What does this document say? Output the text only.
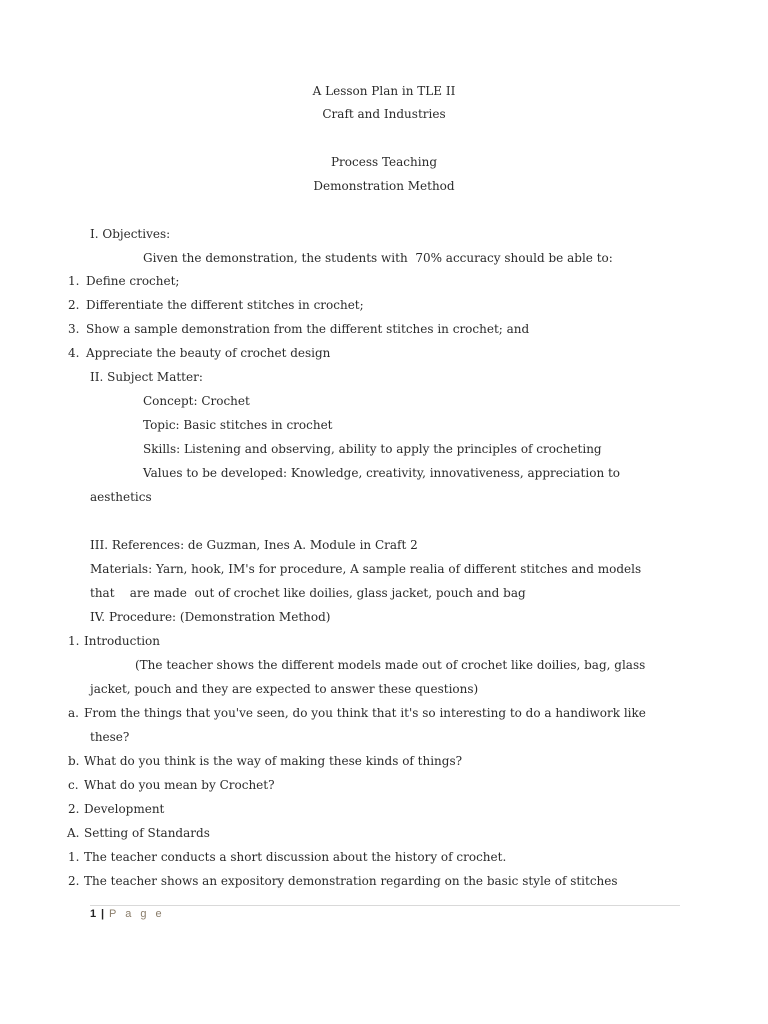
A Lesson Plan in TLE II
Craft and Industries
Process Teaching
Demonstration Method
I. Objectives:
Given the demonstration, the students with  70% accuracy should be able to:
1. Define crochet;
2. Differentiate the different stitches in crochet;
3. Show a sample demonstration from the different stitches in crochet; and
4. Appreciate the beauty of crochet design
II. Subject Matter:
Concept: Crochet
Topic: Basic stitches in crochet
Skills: Listening and observing, ability to apply the principles of crocheting
Values to be developed: Knowledge, creativity, innovativeness, appreciation to
aesthetics
III. References: de Guzman, Ines A. Module in Craft 2
Materials: Yarn, hook, IM's for procedure, A sample realia of different stitches and models
that    are made  out of crochet like doilies, glass jacket, pouch and bag
IV. Procedure: (Demonstration Method)
1. Introduction
(The teacher shows the different models made out of crochet like doilies, bag, glass
jacket, pouch and they are expected to answer these questions)
a. From the things that you've seen, do you think that it's so interesting to do a handiwork like
these?
b. What do you think is the way of making these kinds of things?
c. What do you mean by Crochet?
2. Development
A. Setting of Standards
1. The teacher conducts a short discussion about the history of crochet.
2. The teacher shows an expository demonstration regarding on the basic style of stitches
1 | P a g e
